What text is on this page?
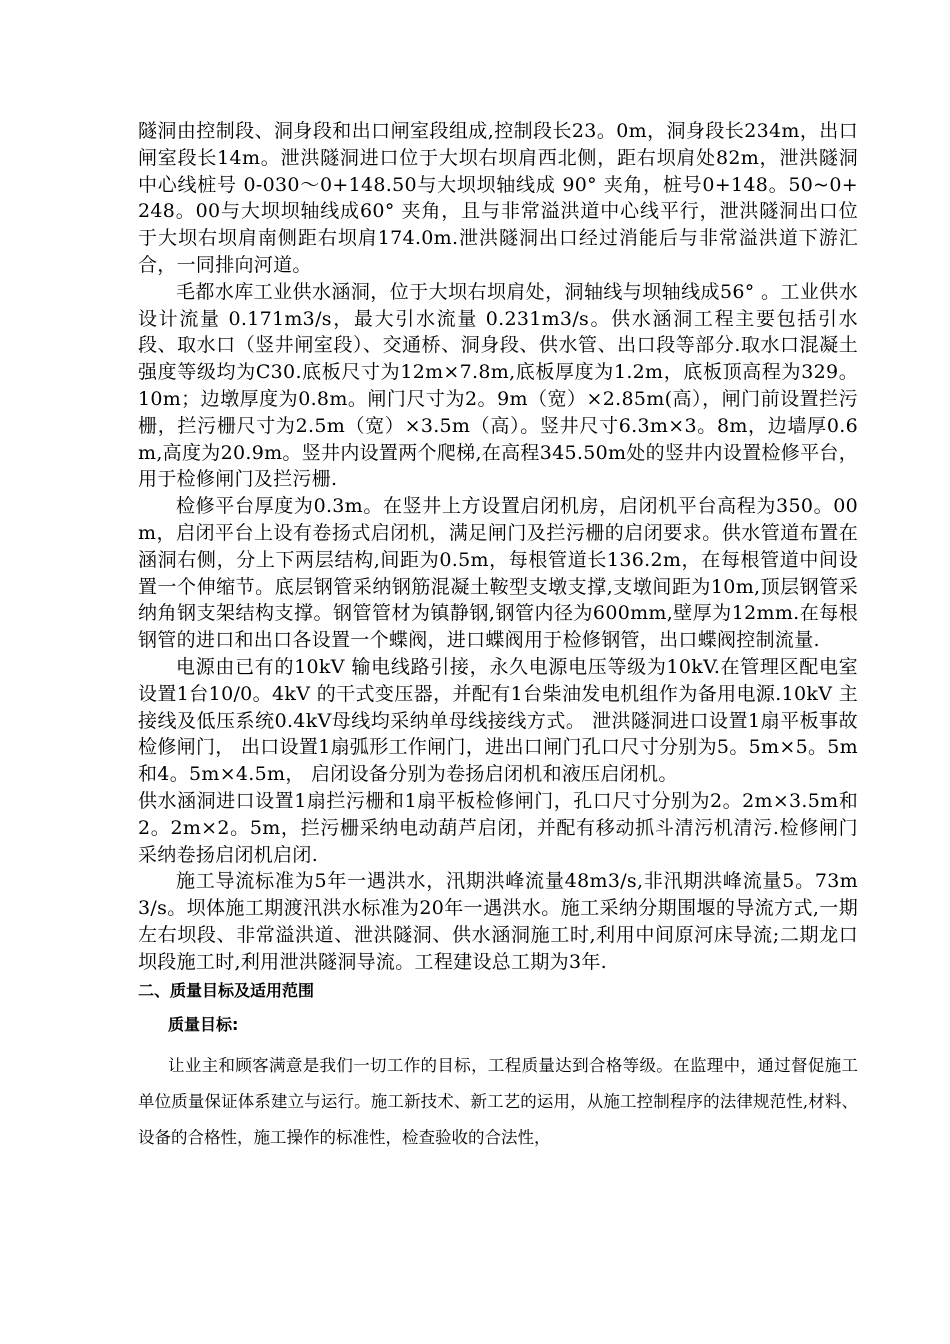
隧洞由控制段、洞身段和出口闸室段组成,控制段长23。0m，洞身段长234m，出口闸室段长14m。泄洪隧洞进口位于大坝右坝肩西北侧，距右坝肩处82m，泄洪隧洞中心线桩号 0-030～0+148.50与大坝坝轴线成 90° 夹角，桩号0+148。50~0+248。00与大坝坝轴线成60° 夹角，且与非常溢洪道中心线平行，泄洪隧洞出口位于大坝右坝肩南侧距右坝肩174.0m.泄洪隧洞出口经过消能后与非常溢洪道下游汇合，一同排向河道。

毛都水库工业供水涵洞，位于大坝右坝肩处，洞轴线与坝轴线成56° 。工业供水设计流量 0.171m3/s，最大引水流量 0.231m3/s。供水涵洞工程主要包括引水段、取水口（竖井闸室段）、交通桥、洞身段、供水管、出口段等部分.取水口混凝土强度等级均为C30.底板尺寸为12m×7.8m,底板厚度为1.2m，底板顶高程为329。10m；边墩厚度为0.8m。闸门尺寸为2。9m（宽）×2.85m(高），闸门前设置拦污栅，拦污栅尺寸为2.5m（宽）×3.5m（高）。竖井尺寸6.3m×3。8m，边墙厚0.6m,高度为20.9m。竖井内设置两个爬梯,在高程345.50m处的竖井内设置检修平台，用于检修闸门及拦污栅.

检修平台厚度为0.3m。在竖井上方设置启闭机房，启闭机平台高程为350。00m，启闭平台上设有卷扬式启闭机，满足闸门及拦污栅的启闭要求。供水管道布置在涵洞右侧，分上下两层结构,间距为0.5m，每根管道长136.2m，在每根管道中间设置一个伸缩节。底层钢管采纳钢筋混凝土鞍型支墩支撑,支墩间距为10m,顶层钢管采纳角钢支架结构支撑。钢管管材为镇静钢,钢管内径为600mm,壁厚为12mm.在每根钢管的进口和出口各设置一个蝶阀，进口蝶阀用于检修钢管，出口蝶阀控制流量.

电源由已有的10kV 输电线路引接，永久电源电压等级为10kV.在管理区配电室设置1台10/0。4kV 的干式变压器，并配有1台柴油发电机组作为备用电源.10kV 主接线及低压系统0.4kV母线均采纳单母线接线方式。 泄洪隧洞进口设置1扇平板事故检修闸门， 出口设置1扇弧形工作闸门，进出口闸门孔口尺寸分别为5。5m×5。5m和4。5m×4.5m， 启闭设备分别为卷扬启闭机和液压启闭机。

供水涵洞进口设置1扇拦污栅和1扇平板检修闸门，孔口尺寸分别为2。2m×3.5m和2。2m×2。5m，拦污栅采纳电动葫芦启闭，并配有移动抓斗清污机清污.检修闸门采纳卷扬启闭机启闭.

施工导流标准为5年一遇洪水，汛期洪峰流量48m3/s,非汛期洪峰流量5。73m3/s。坝体施工期渡汛洪水标准为20年一遇洪水。施工采纳分期围堰的导流方式,一期左右坝段、非常溢洪道、泄洪隧洞、供水涵洞施工时,利用中间原河床导流;二期龙口坝段施工时,利用泄洪隧洞导流。工程建设总工期为3年.

二、质量目标及适用范围
质量目标:

让业主和顾客满意是我们一切工作的目标，工程质量达到合格等级。在监理中，通过督促施工单位质量保证体系建立与运行。施工新技术、新工艺的运用，从施工控制程序的法律规范性,材料、设备的合格性，施工操作的标准性，检查验收的合法性，
